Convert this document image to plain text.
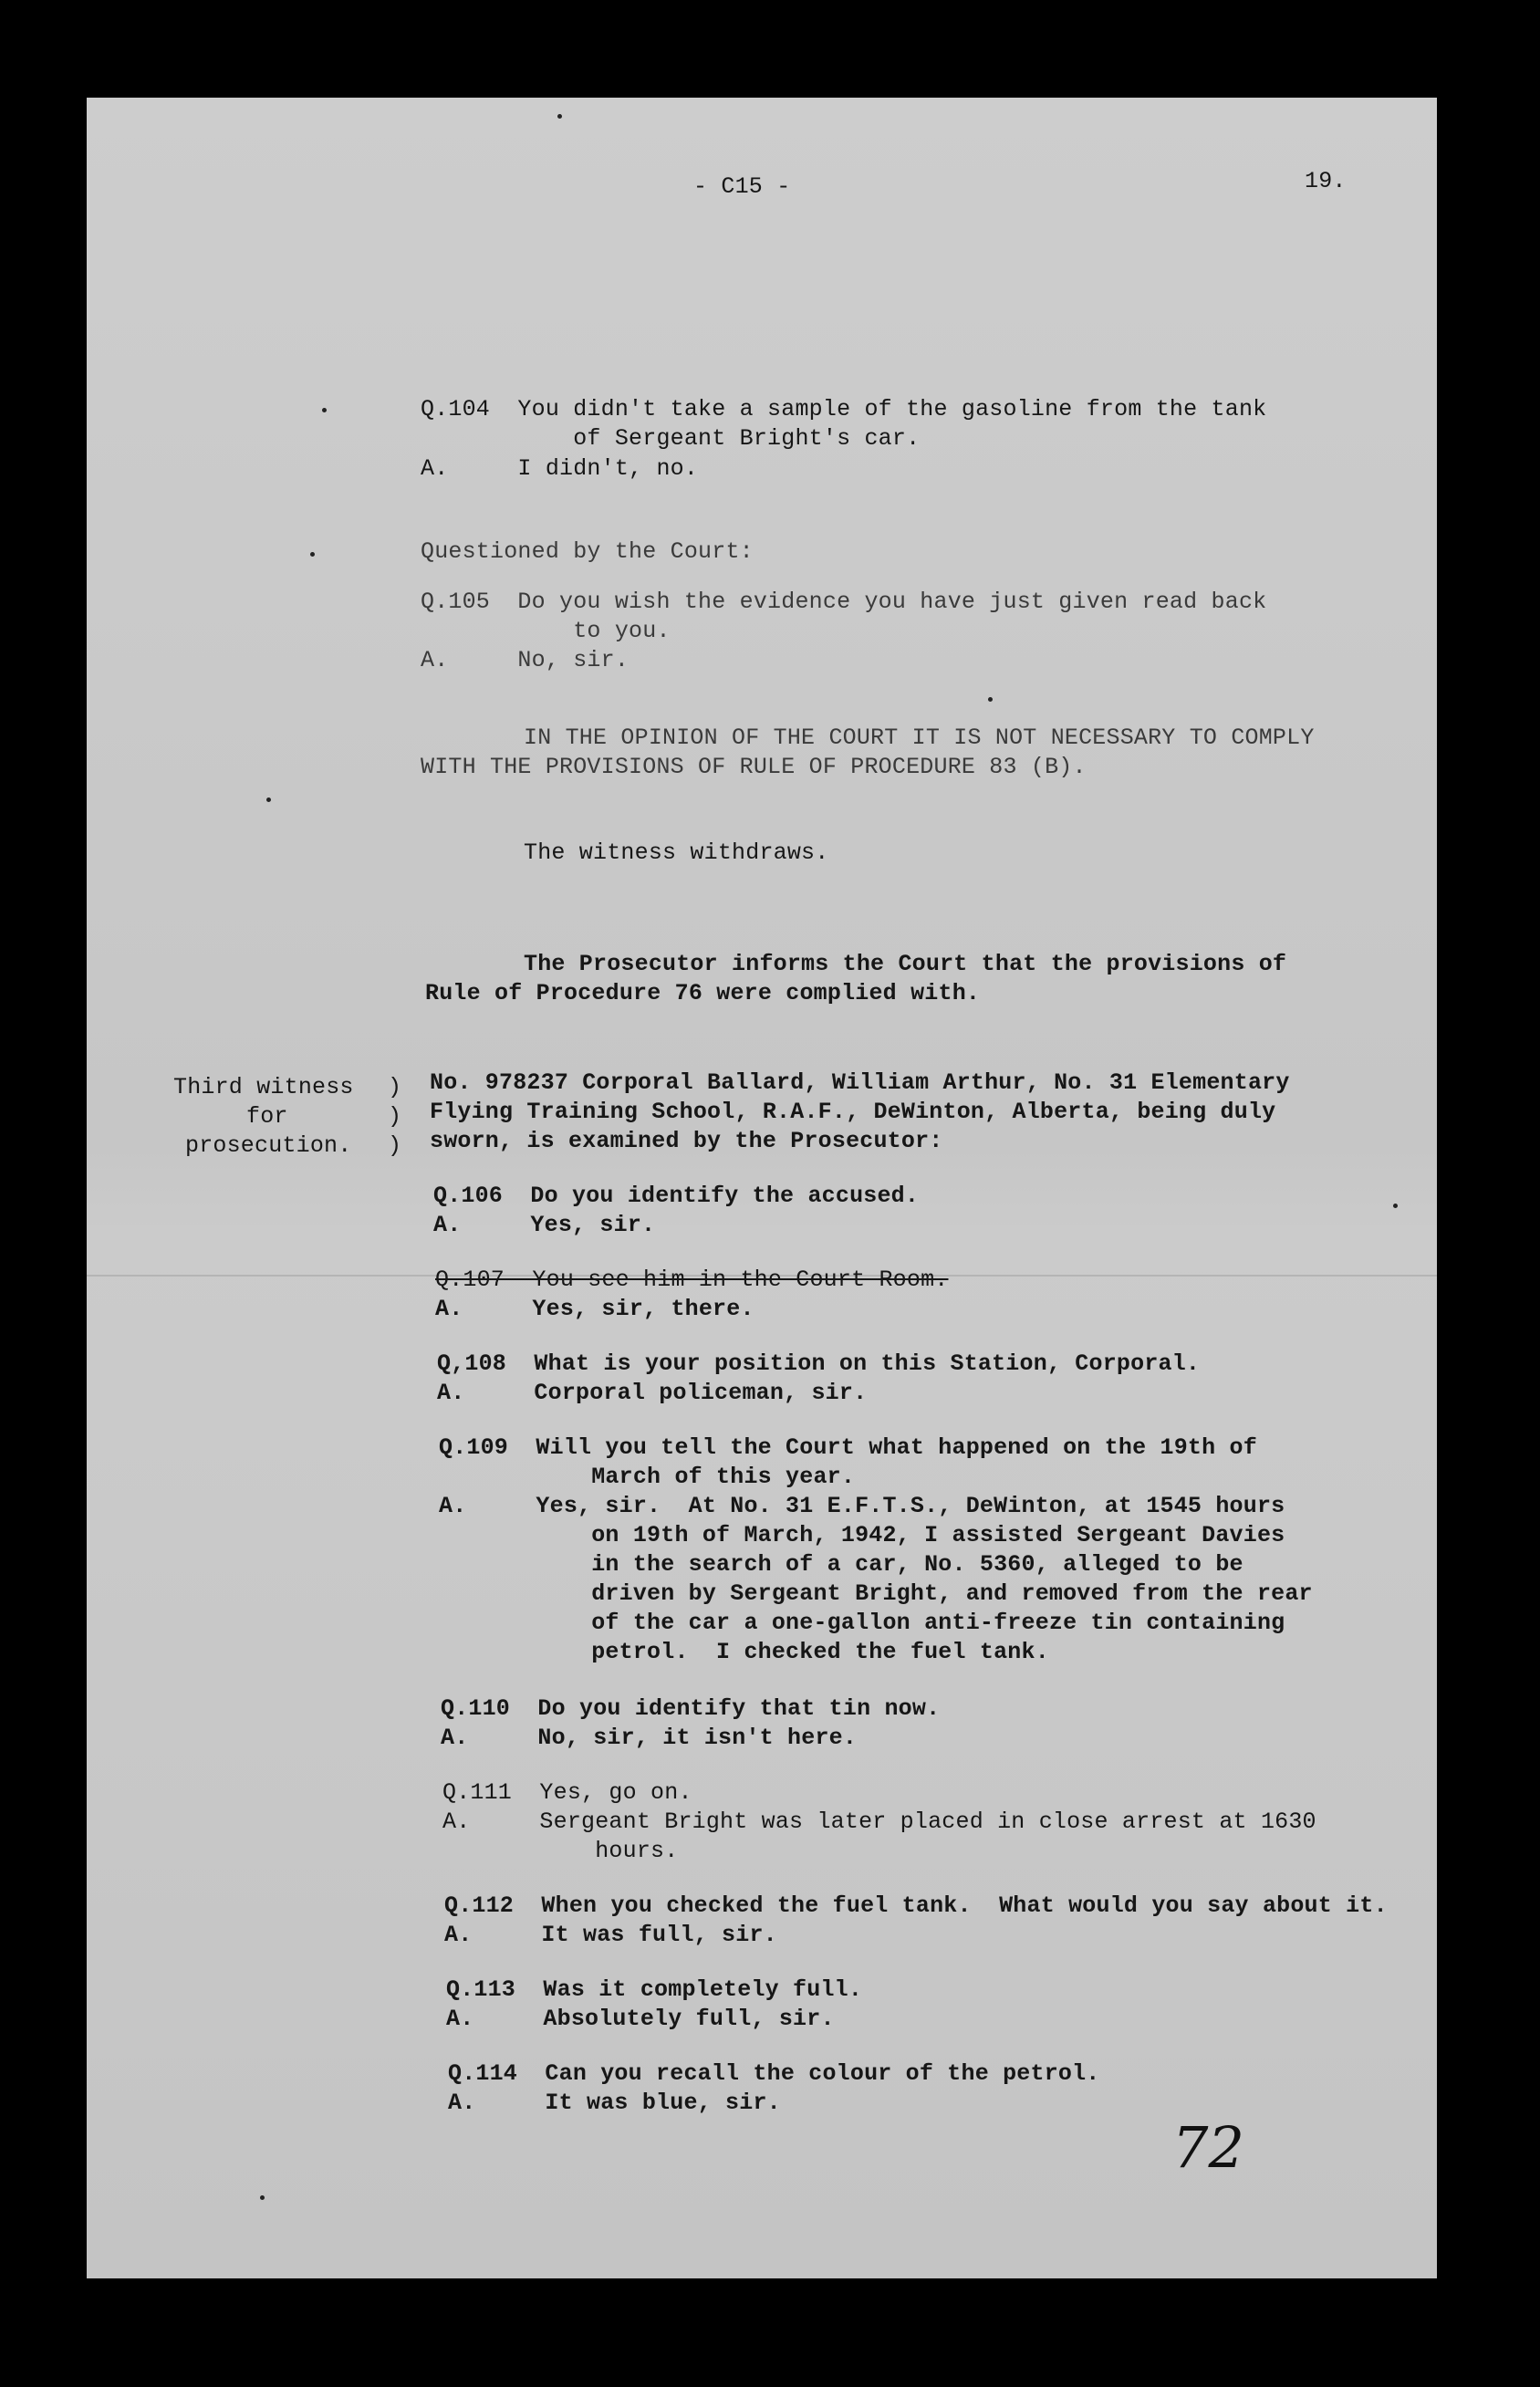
- C15 -	19.
Q.104  You didn't take a sample of the gasoline from the tank
of Sergeant Bright's car.
A.     I didn't, no.
Questioned by the Court:
Q.105  Do you wish the evidence you have just given read back
to you.
A.     No, sir.
IN THE OPINION OF THE COURT IT IS NOT NECESSARY TO COMPLY
WITH THE PROVISIONS OF RULE OF PROCEDURE 83 (B).
The witness withdraws.
The Prosecutor informs the Court that the provisions of
Rule of Procedure 76 were complied with.
Third witness
for
prosecution.
)
)
)
No. 978237 Corporal Ballard, William Arthur, No. 31 Elementary
Flying Training School, R.A.F., DeWinton, Alberta, being duly
sworn, is examined by the Prosecutor:
Q.106  Do you identify the accused.
A.     Yes, sir.
Q.107  You see him in the Court Room.
A.     Yes, sir, there.
Q,108  What is your position on this Station, Corporal.
A.     Corporal policeman, sir.
Q.109  Will you tell the Court what happened on the 19th of
March of this year.
A.     Yes, sir.  At No. 31 E.F.T.S., DeWinton, at 1545 hours
on 19th of March, 1942, I assisted Sergeant Davies
in the search of a car, No. 5360, alleged to be
driven by Sergeant Bright, and removed from the rear
of the car a one-gallon anti-freeze tin containing
petrol.  I checked the fuel tank.
Q.110  Do you identify that tin now.
A.     No, sir, it isn't here.
Q.111  Yes, go on.
A.     Sergeant Bright was later placed in close arrest at 1630
hours.
Q.112  When you checked the fuel tank.  What would you say about it.
A.     It was full, sir.
Q.113  Was it completely full.
A.     Absolutely full, sir.
Q.114  Can you recall the colour of the petrol.
A.     It was blue, sir.
72
